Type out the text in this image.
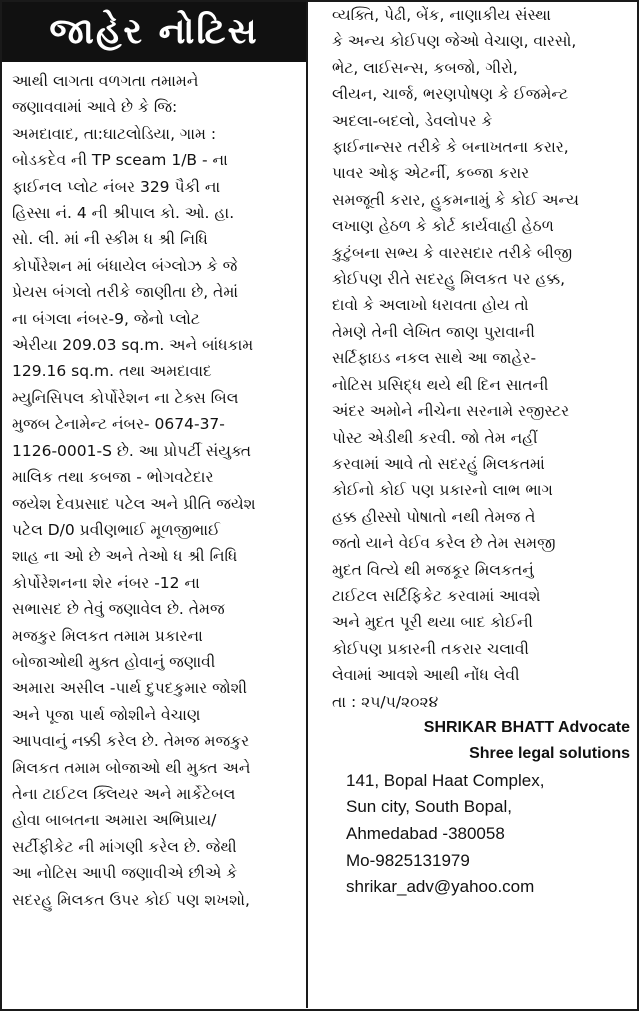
જાહેર નોટિસ
આથી લાગતા વળગતા તમામને
જણાવવામાં આવે છે કે જિ:
અમદાવાદ, તા:ઘાટલોડિયા, ગામ :
બોડકદેવ ની TP sceam 1/B - ના
ફાઈનલ પ્લોટ નંબર 329 પૈકી ના
હિસ્સા નં. 4 ની શ્રીપાલ કો. ઓ. હા.
સો. લી. માં ની સ્કીમ ધ શ્રી નિધિ
કોર્પોરેશન માં બંધાયેલ બંગ્લોઝ કે જે
પ્રેયસ બંગલો તરીકે જાણીતા છે, તેમાં
ના બંગલા નંબર-9, જેનો પ્લોટ
એરીયા 209.03 sq.m. અને બાંધકામ
129.16 sq.m. તથા અમદાવાદ
મ્યુનિસિપલ કોર્પોરેશન ના ટેક્સ બિલ
મુજબ ટેનામેન્ટ નંબર- 0674-37-
1126-0001-S છે. આ પ્રોપર્ટી સંયુક્ત
માલિક તથા કબજા - ભોગવટેદાર
જયેશ દેવપ્રસાદ પટેલ અને પ્રીતિ જયેશ
પટેલ D/0 પ્રવીણભાઈ મૂળજીભાઈ
શાહ ના ઓ છે અને તેઓ ધ શ્રી નિધિ
કોર્પોરેશનના શેર નંબર -12 ના
સભાસદ છે તેવું જણાવેલ છે. તેમજ
મજકુર મિલકત તમામ પ્રકારના
બોજાઓથી મુક્ત હોવાનું જણાવી
અમારા અસીલ -પાર્થ દુપદકુમાર જોશી
અને પૂજા પાર્થ જોશીને વેચાણ
આપવાનું નક્કી કરેલ છે. તેમજ મજકુર
મિલકત તમામ બોજાઓ થી મુક્ત અને
તેના ટાઈટલ ક્લિયર અને માર્કેટેબલ
હોવા બાબતના અમારા અભિપ્રાય/
સર્ટીફીકેટ ની માંગણી કરેલ છે. જેથી
આ નોટિસ આપી જણાવીએ છીએ કે
સદરહુ મિલકત ઉપર કોઈ પણ શખશો,
વ્યક્તિ, પેઢી, બેંક, નાણાકીય સંસ્થા
કે અન્ય કોઈપણ જેઓ વેચાણ, વારસો,
ભેટ, લાઈસન્સ, કબજો, ગીરો,
લીયન, ચાર્જ, ભરણપોષણ કે ઈજમેન્ટ
અદલા-બદલો, ડેવલોપર કે
ફાઈનાન્સર તરીકે કે બનાખતના કરાર,
પાવર ઓફ એટર્ની, કબ્જા કરાર
સમજૂતી કરાર, હુકમનામું કે કોઈ અન્ય
લખાણ હેઠળ કે કોર્ટ કાર્યવાહી હેઠળ
કુટુંબના સભ્ય કે વારસદાર તરીકે બીજી
કોઈપણ રીતે સદરહુ મિલકત પર હક્ક,
દાવો કે અલાખો ધરાવતા હોય તો
તેમણે તેની લેખિત જાણ પુરાવાની
સર્ટિફાઇડ નકલ સાથે આ જાહેર-
નોટિસ પ્રસિદ્ધ થયે થી દિન સાતની
અંદર અમોને નીચેના સરનામે રજીસ્ટર
પોસ્ટ એડીથી કરવી. જો તેમ નહીં
કરવામાં આવે તો સદરહું મિલકતમાં
કોઈનો કોઈ પણ પ્રકારનો લાભ ભાગ
હક્ક હીસ્સો પોષાતો નથી તેમજ તે
જતો યાને વેઈવ કરેલ છે તેમ સમજી
મુદત વિત્યે થી મજકૂર મિલકતનું
ટાઈટલ સર્ટિફિકેટ કરવામાં આવશે
અને મુદત પૂરી થયા બાદ કોઈની
કોઈપણ પ્રકારની તકરાર ચલાવી
લેવામાં આવશે આથી નોંધ લેવી
તા : ૨૫/૫/૨૦૨૪
SHRIKAR BHATT Advocate
Shree legal solutions
141, Bopal Haat Complex,
Sun city, South Bopal,
Ahmedabad -380058
Mo-9825131979
shrikar_adv@yahoo.com
